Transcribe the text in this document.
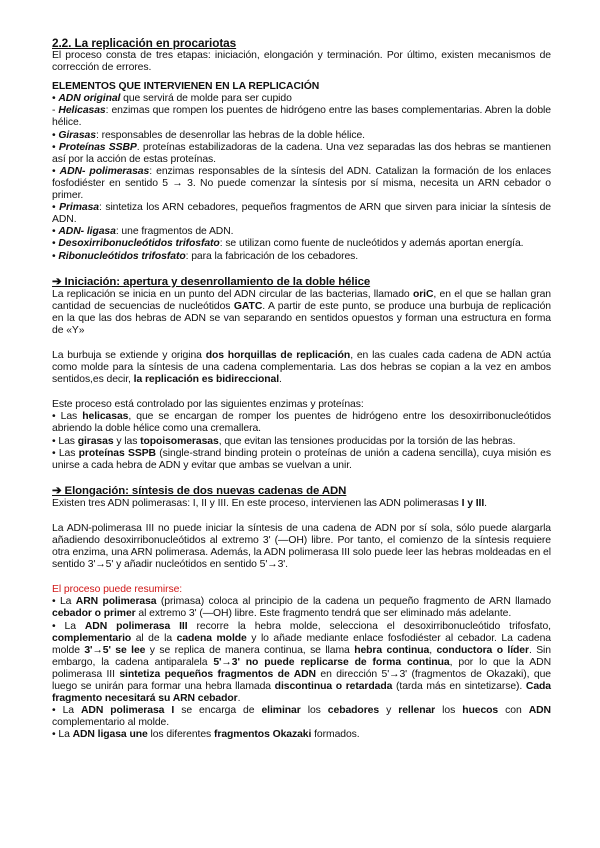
2.2. La replicación en procariotas

El proceso consta de tres etapas: iniciación, elongación y terminación. Por último, existen mecanismos de corrección de errores.

ELEMENTOS QUE INTERVIENEN EN LA REPLICACIÓN

• ADN original que servirá de molde para ser cupido

- Helicasas: enzimas que rompen los puentes de hidrógeno entre las bases complementarias. Abren la doble hélice.

• Girasas: responsables de desenrollar las hebras de la doble hélice.

• Proteínas SSBP. proteínas estabilizadoras de la cadena. Una vez separadas las dos hebras se mantienen así por la acción de estas proteínas.

• ADN- polimerasas: enzimas responsables de la síntesis del ADN. Catalizan la formación de los enlaces fosfodiéster en sentido 5 → 3. No puede comenzar la síntesis por sí misma, necesita un ARN cebador o primer.

• Primasa: sintetiza los ARN cebadores, pequeños fragmentos de ARN que sirven para iniciar la síntesis de ADN.

• ADN- ligasa: une fragmentos de ADN.

• Desoxirribonucleótidos trifosfato: se utilizan como fuente de nucleótidos y además aportan energía.

• Ribonucleótidos trifosfato: para la fabricación de los cebadores.

➔ Iniciación: apertura y desenrollamiento de la doble hélice

La replicación se inicia en un punto del ADN circular de las bacterias, llamado oriC, en el que se hallan gran cantidad de secuencias de nucleótidos GATC. A partir de este punto, se produce una burbuja de replicación en la que las dos hebras de ADN se van separando en sentidos opuestos y forman una estructura en forma de «Y»

La burbuja se extiende y origina dos horquillas de replicación, en las cuales cada cadena de ADN actúa como molde para la síntesis de una cadena complementaria. Las dos hebras se copian a la vez en ambos sentidos,es decir, la replicación es bidireccional.

Este proceso está controlado por las siguientes enzimas y proteínas:

• Las helicasas, que se encargan de romper los puentes de hidrógeno entre los desoxirribonucleótidos abriendo la doble hélice como una cremallera.

• Las girasas y las topoisomerasas, que evitan las tensiones producidas por la torsión de las hebras.

• Las proteínas SSPB (single-strand binding protein o proteínas de unión a cadena sencilla), cuya misión es unirse a cada hebra de ADN y evitar que ambas se vuelvan a unir.

➔ Elongación: síntesis de dos nuevas cadenas de ADN

Existen tres ADN polimerasas: I, II y III. En este proceso, intervienen las ADN polimerasas I y III.

La ADN-polimerasa III no puede iniciar la síntesis de una cadena de ADN por sí sola, sólo puede alargarla añadiendo desoxirribonucleótidos al extremo 3' (—OH) libre. Por tanto, el comienzo de la síntesis requiere otra enzima, una ARN polimerasa. Además, la ADN polimerasa III solo puede leer las hebras moldeadas en el sentido 3'→5' y añadir nucleótidos en sentido 5'→3'.

El proceso puede resumirse:

• La ARN polimerasa (primasa) coloca al principio de la cadena un pequeño fragmento de ARN llamado cebador o primer al extremo 3' (—OH) libre. Este fragmento tendrá que ser eliminado más adelante.

• La ADN polimerasa III recorre la hebra molde, selecciona el desoxirribonucleótido trifosfato, complementario al de la cadena molde y lo añade mediante enlace fosfodiéster al cebador. La cadena molde 3'→5' se lee y se replica de manera continua, se llama hebra continua, conductora o líder. Sin embargo, la cadena antiparalela 5'→3' no puede replicarse de forma continua, por lo que la ADN polimerasa III sintetiza pequeños fragmentos de ADN en dirección 5'→3' (fragmentos de Okazaki), que luego se unirán para formar una hebra llamada discontinua o retardada (tarda más en sintetizarse). Cada fragmento necesitará su ARN cebador.

• La ADN polimerasa I se encarga de eliminar los cebadores y rellenar los huecos con ADN complementario al molde.

• La ADN ligasa une los diferentes fragmentos Okazaki formados.
